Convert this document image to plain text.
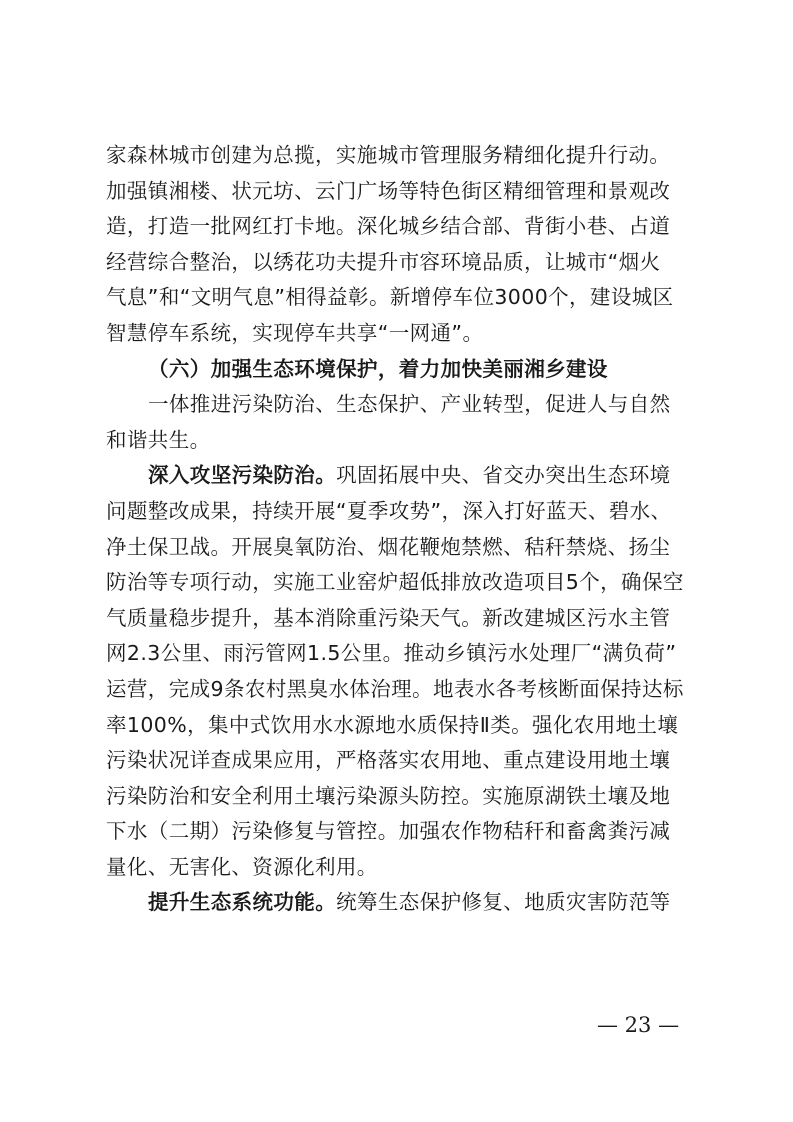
家森林城市创建为总揽，实施城市管理服务精细化提升行动。
加强镇湘楼、状元坊、云门广场等特色街区精细管理和景观改
造，打造一批网红打卡地。深化城乡结合部、背街小巷、占道
经营综合整治，以绣花功夫提升市容环境品质，让城市“烟火
气息”和“文明气息”相得益彰。新增停车位3000个，建设城区
智慧停车系统，实现停车共享“一网通”。
（六）加强生态环境保护，着力加快美丽湘乡建设
一体推进污染防治、生态保护、产业转型，促进人与自然
和谐共生。
深入攻坚污染防治。巩固拓展中央、省交办突出生态环境
问题整改成果，持续开展“夏季攻势”，深入打好蓝天、碧水、
净土保卫战。开展臭氧防治、烟花鞭炮禁燃、秸秆禁烧、扬尘
防治等专项行动，实施工业窑炉超低排放改造项目5个，确保空
气质量稳步提升，基本消除重污染天气。新改建城区污水主管
网2.3公里、雨污管网1.5公里。推动乡镇污水处理厂“满负荷”
运营，完成9条农村黑臭水体治理。地表水各考核断面保持达标
率100%，集中式饮用水水源地水质保持Ⅱ类。强化农用地土壤
污染状况详查成果应用，严格落实农用地、重点建设用地土壤
污染防治和安全利用土壤污染源头防控。实施原湖铁土壤及地
下水（二期）污染修复与管控。加强农作物秸秆和畜禽粪污减
量化、无害化、资源化利用。
提升生态系统功能。统筹生态保护修复、地质灾害防范等
— 23 —
